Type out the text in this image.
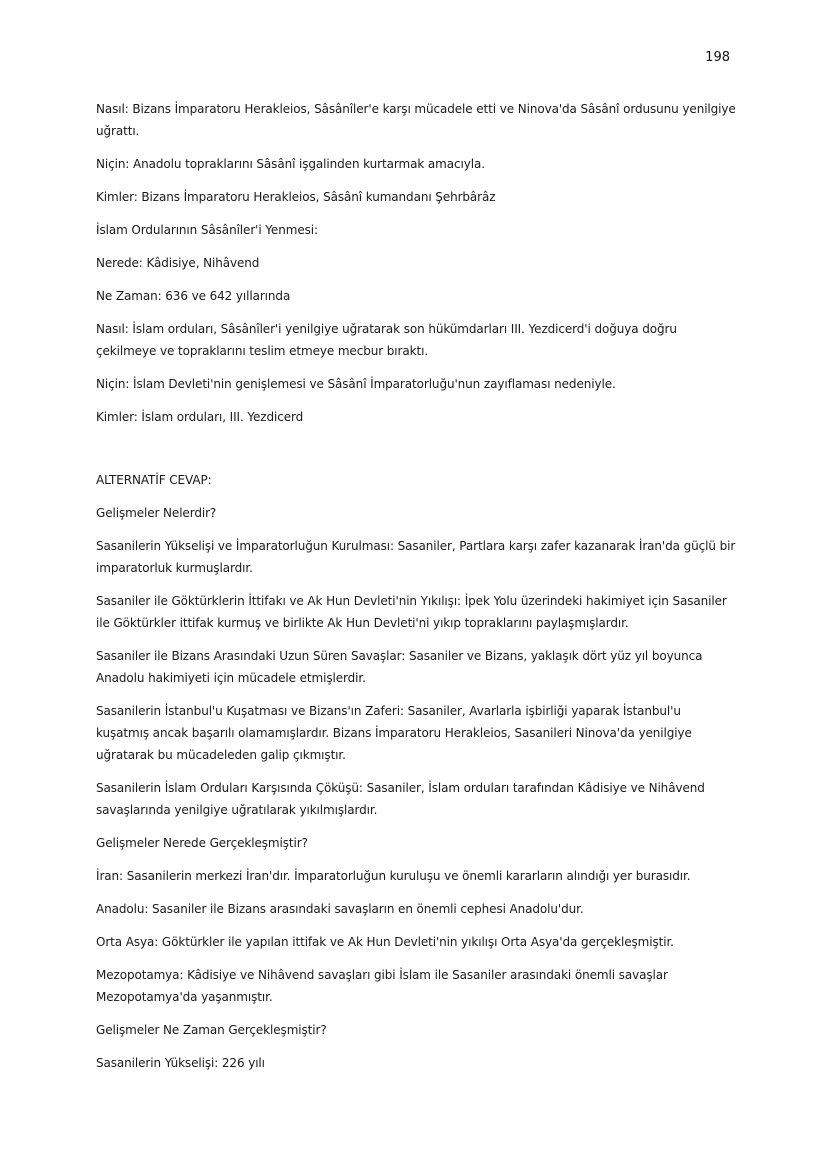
198

Nasıl: Bizans İmparatoru Herakleios, Sâsânîler'e karşı mücadele etti ve Ninova'da Sâsânî ordusunu yenilgiye uğrattı.

Niçin: Anadolu topraklarını Sâsânî işgalinden kurtarmak amacıyla.

Kimler: Bizans İmparatoru Herakleios, Sâsânî kumandanı Şehrbârâz

İslam Ordularının Sâsânîler'i Yenmesi:

Nerede: Kâdisiye, Nihâvend

Ne Zaman: 636 ve 642 yıllarında

Nasıl: İslam orduları, Sâsânîler'i yenilgiye uğratarak son hükümdarları III. Yezdicerd'i doğuya doğru çekilmeye ve topraklarını teslim etmeye mecbur bıraktı.

Niçin: İslam Devleti'nin genişlemesi ve Sâsânî İmparatorluğu'nun zayıflaması nedeniyle.

Kimler: İslam orduları, III. Yezdicerd

ALTERNATİF CEVAP:

Gelişmeler Nelerdir?

Sasanilerin Yükselişi ve İmparatorluğun Kurulması: Sasaniler, Partlara karşı zafer kazanarak İran'da güçlü bir imparatorluk kurmuşlardır.

Sasaniler ile Göktürklerin İttifakı ve Ak Hun Devleti'nin Yıkılışı: İpek Yolu üzerindeki hakimiyet için Sasaniler ile Göktürkler ittifak kurmuş ve birlikte Ak Hun Devleti'ni yıkıp topraklarını paylaşmışlardır.

Sasaniler ile Bizans Arasındaki Uzun Süren Savaşlar: Sasaniler ve Bizans, yaklaşık dört yüz yıl boyunca Anadolu hakimiyeti için mücadele etmişlerdir.

Sasanilerin İstanbul'u Kuşatması ve Bizans'ın Zaferi: Sasaniler, Avarlarla işbirliği yaparak İstanbul'u kuşatmış ancak başarılı olamamışlardır. Bizans İmparatoru Herakleios, Sasanileri Ninova'da yenilgiye uğratarak bu mücadeleden galip çıkmıştır.

Sasanilerin İslam Orduları Karşısında Çöküşü: Sasaniler, İslam orduları tarafından Kâdisiye ve Nihâvend savaşlarında yenilgiye uğratılarak yıkılmışlardır.

Gelişmeler Nerede Gerçekleşmiştir?

İran: Sasanilerin merkezi İran'dır. İmparatorluğun kuruluşu ve önemli kararların alındığı yer burasıdır.

Anadolu: Sasaniler ile Bizans arasındaki savaşların en önemli cephesi Anadolu'dur.

Orta Asya: Göktürkler ile yapılan ittifak ve Ak Hun Devleti'nin yıkılışı Orta Asya'da gerçekleşmiştir.

Mezopotamya: Kâdisiye ve Nihâvend savaşları gibi İslam ile Sasaniler arasındaki önemli savaşlar Mezopotamya'da yaşanmıştır.

Gelişmeler Ne Zaman Gerçekleşmiştir?

Sasanilerin Yükselişi: 226 yılı
